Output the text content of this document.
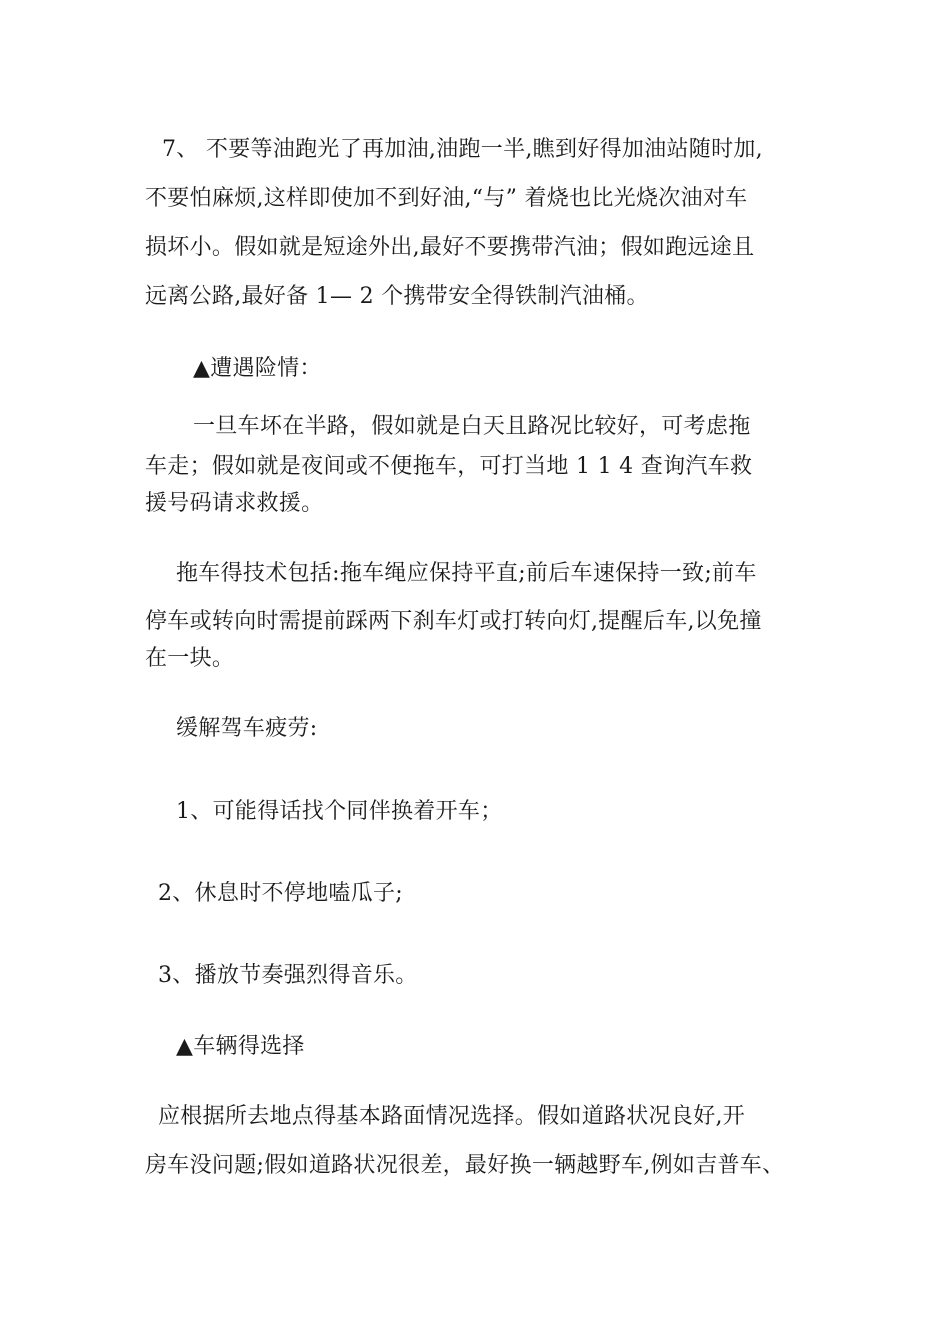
7、 不要等油跑光了再加油,油跑一半,瞧到好得加油站随时加,
不要怕麻烦,这样即使加不到好油,“与” 着烧也比光烧次油对车
损坏小。假如就是短途外出,最好不要携带汽油；假如跑远途且
远离公路,最好备 1— 2 个携带安全得铁制汽油桶。
▲遭遇险情：
一旦车坏在半路，假如就是白天且路况比较好，可考虑拖
车走；假如就是夜间或不便拖车，可打当地 1 1 4 查询汽车救
援号码请求救援。
拖车得技术包括:拖车绳应保持平直;前后车速保持一致;前车
停车或转向时需提前踩两下刹车灯或打转向灯,提醒后车,以免撞
在一块。
缓解驾车疲劳:
1、可能得话找个同伴换着开车；
2、休息时不停地嗑瓜子;
3、播放节奏强烈得音乐。
▲车辆得选择
应根据所去地点得基本路面情况选择。假如道路状况良好,开
房车没问题;假如道路状况很差，最好换一辆越野车,例如吉普车、
